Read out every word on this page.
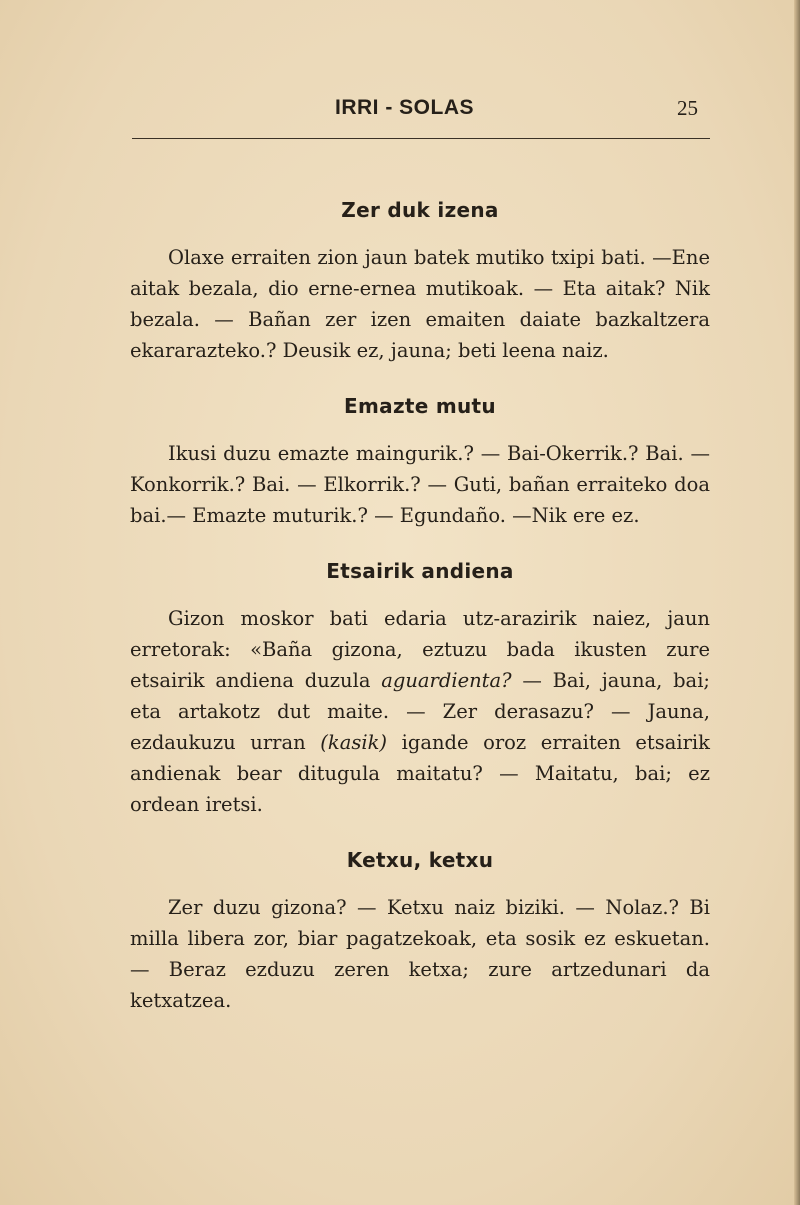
IRRI - SOLAS	25
Zer duk izena

Olaxe erraiten zion jaun batek mutiko txipi bati. —Ene aitak bezala, dio erne-ernea mutikoak. — Eta aitak? Nik bezala. — Bañan zer izen emaiten daiate bazkaltzera ekararazteko.? Deusik ez, jauna; beti leena naiz.

Emazte mutu

Ikusi duzu emazte maingurik.? — Bai-Okerrik.? Bai. — Konkorrik.? Bai. — Elkorrik.? — Guti, bañan erraiteko doa bai.— Emazte muturik.? — Egundaño. —Nik ere ez.

Etsairik andiena

Gizon moskor bati edaria utz-arazirik naiez, jaun erretorak: «Baña gizona, eztuzu bada ikusten zure etsairik andiena duzula aguardienta? — Bai, jauna, bai; eta artakotz dut maite. — Zer derasazu? — Jauna, ezdaukuzu urran (kasik) igande oroz erraiten etsairik andienak bear ditugula maitatu? — Maitatu, bai; ez ordean iretsi.

Ketxu, ketxu

Zer duzu gizona? — Ketxu naiz biziki. — Nolaz.? Bi milla libera zor, biar pagatzekoak, eta sosik ez eskuetan. — Beraz ezduzu zeren ketxa; zure artzedunari da ketxatzea.
